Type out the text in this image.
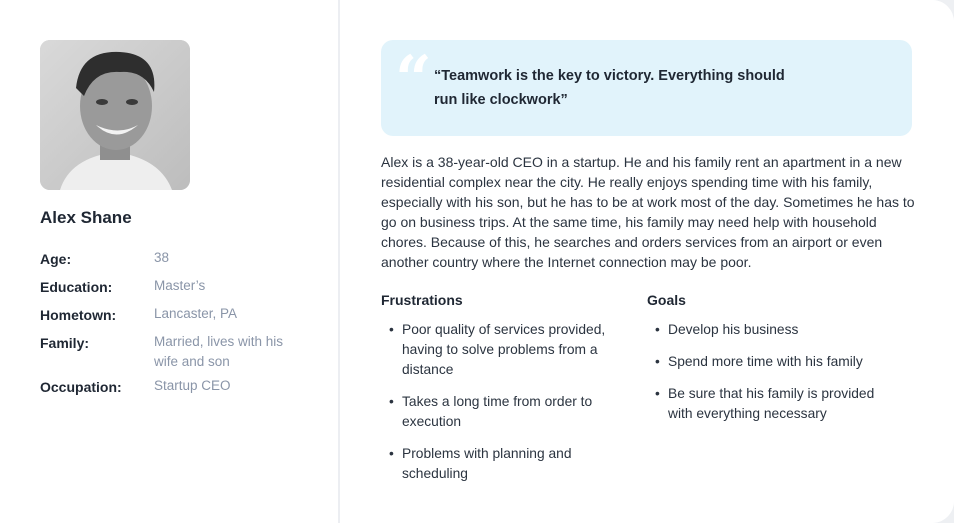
Alex Shane
Age:	38
Education:	Master’s
Hometown:	Lancaster, PA
Family:	Married, lives with his wife and son
Occupation:	Startup CEO
“ “Teamwork is the key to victory. Everything should run like clockwork”
Alex is a 38-year-old CEO in a startup. He and his family rent an apartment in a new residential complex near the city. He really enjoys spending time with his family, especially with his son, but he has to be at work most of the day. Sometimes he has to go on business trips. At the same time, his family may need help with household chores. Because of this, he searches and orders services from an airport or even another country where the Internet connection may be poor.
Frustrations
• Poor quality of services provided, having to solve problems from a distance
• Takes a long time from order to execution
• Problems with planning and scheduling
Goals
• Develop his business
• Spend more time with his family
• Be sure that his family is provided with everything necessary
